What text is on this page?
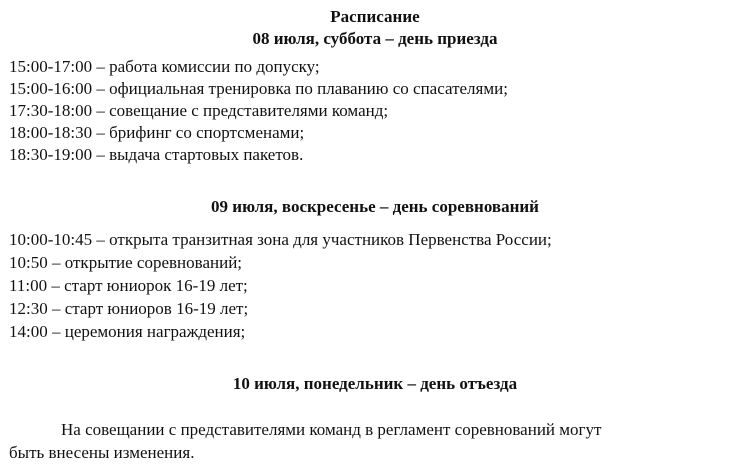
Расписание
08 июля, суббота – день приезда
15:00-17:00 – работа комиссии по допуску;
15:00-16:00 – официальная тренировка по плаванию со спасателями;
17:30-18:00 – совещание с представителями команд;
18:00-18:30 – брифинг со спортсменами;
18:30-19:00 – выдача стартовых пакетов.
09 июля, воскресенье – день соревнований
10:00-10:45 – открыта транзитная зона для участников Первенства России;
10:50 – открытие соревнований;
11:00 – старт юниорок 16-19 лет;
12:30 – старт юниоров 16-19 лет;
14:00 – церемония награждения;
10 июля, понедельник – день отъезда
На совещании с представителями команд в регламент соревнований могут
быть внесены изменения.
